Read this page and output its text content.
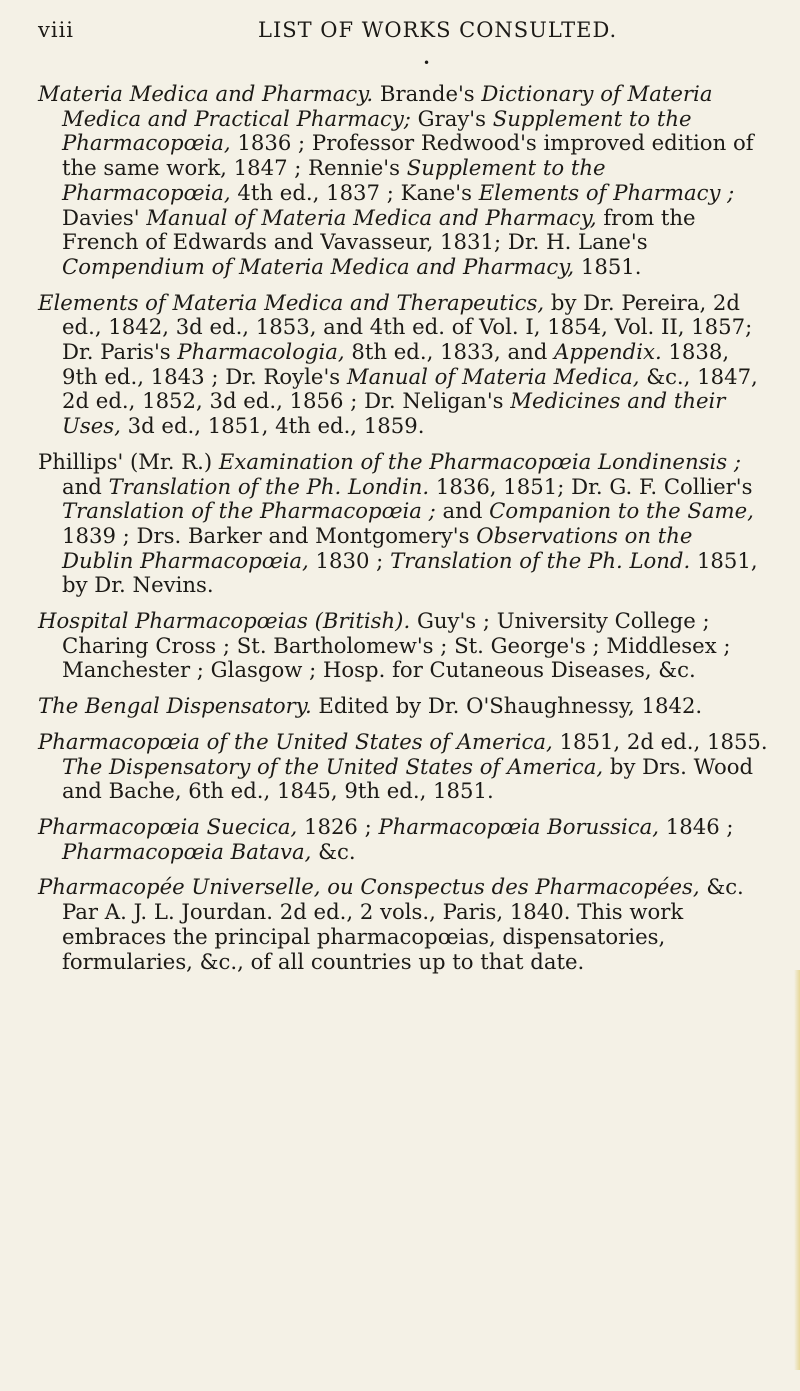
viii	LIST OF WORKS CONSULTED.
•

Materia Medica and Pharmacy. Brande's Dictionary of Materia Medica and Practical Pharmacy; Gray's Supplement to the Pharmacopœia, 1836 ; Professor Redwood's improved edition of the same work, 1847 ; Rennie's Supplement to the Pharmacopœia, 4th ed., 1837 ; Kane's Elements of Pharmacy ; Davies' Manual of Materia Medica and Pharmacy, from the French of Edwards and Vavasseur, 1831; Dr. H. Lane's Compendium of Materia Medica and Pharmacy, 1851.

Elements of Materia Medica and Therapeutics, by Dr. Pereira, 2d ed., 1842, 3d ed., 1853, and 4th ed. of Vol. I, 1854, Vol. II, 1857; Dr. Paris's Pharmacologia, 8th ed., 1833, and Appendix. 1838, 9th ed., 1843 ; Dr. Royle's Manual of Materia Medica, &c., 1847, 2d ed., 1852, 3d ed., 1856 ; Dr. Neligan's Medicines and their Uses, 3d ed., 1851, 4th ed., 1859.

Phillips' (Mr. R.) Examination of the Pharmacopœia Londinensis ; and Translation of the Ph. Londin. 1836, 1851; Dr. G. F. Collier's Translation of the Pharmacopœia ; and Companion to the Same, 1839 ; Drs. Barker and Montgomery's Observations on the Dublin Pharmacopœia, 1830 ; Translation of the Ph. Lond. 1851, by Dr. Nevins.

Hospital Pharmacopœias (British). Guy's ; University College ; Charing Cross ; St. Bartholomew's ; St. George's ; Middlesex ; Manchester ; Glasgow ; Hosp. for Cutaneous Diseases, &c.

The Bengal Dispensatory. Edited by Dr. O'Shaughnessy, 1842.

Pharmacopœia of the United States of America, 1851, 2d ed., 1855. The Dispensatory of the United States of America, by Drs. Wood and Bache, 6th ed., 1845, 9th ed., 1851.

Pharmacopœia Suecica, 1826 ; Pharmacopœia Borussica, 1846 ; Pharmacopœia Batava, &c.

Pharmacopée Universelle, ou Conspectus des Pharmacopées, &c. Par A. J. L. Jourdan. 2d ed., 2 vols., Paris, 1840. This work embraces the principal pharmacopœias, dispensatories, formularies, &c., of all countries up to that date.
